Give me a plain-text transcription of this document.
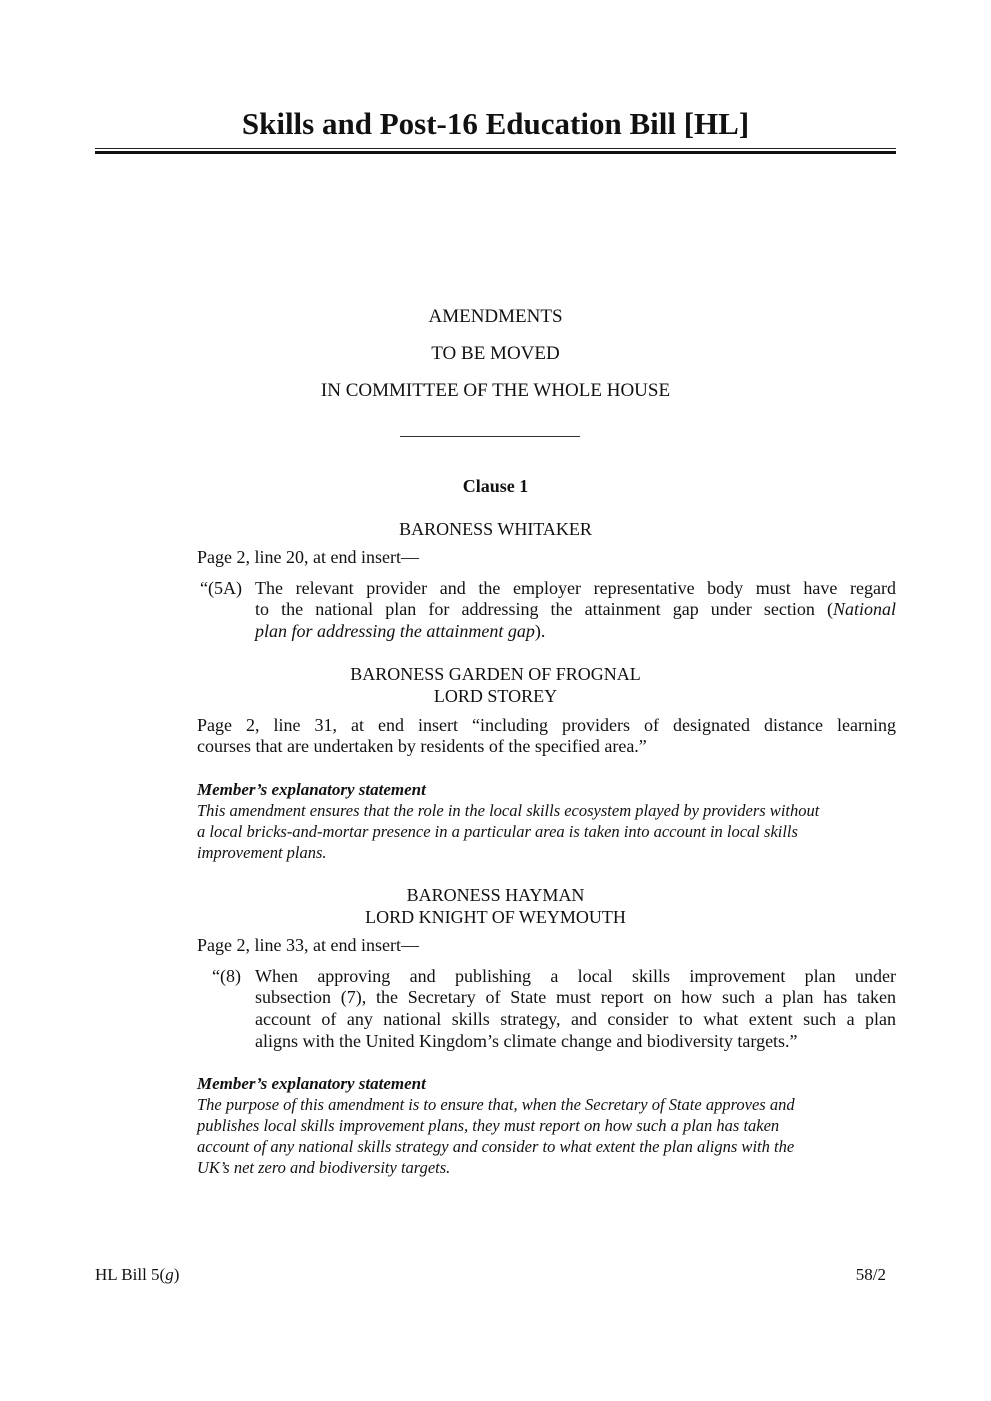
Skills and Post-16 Education Bill [HL]
AMENDMENTS
TO BE MOVED
IN COMMITTEE OF THE WHOLE HOUSE
Clause 1
BARONESS WHITAKER
Page 2, line 20, at end insert—
“(5A) The relevant provider and the employer representative body must have regard
to the national plan for addressing the attainment gap under section (National
plan for addressing the attainment gap).
BARONESS GARDEN OF FROGNAL
LORD STOREY
Page 2, line 31, at end insert “including providers of designated distance learning
courses that are undertaken by residents of the specified area.”
Member’s explanatory statement
This amendment ensures that the role in the local skills ecosystem played by providers without
a local bricks-and-mortar presence in a particular area is taken into account in local skills
improvement plans.
BARONESS HAYMAN
LORD KNIGHT OF WEYMOUTH
Page 2, line 33, at end insert—
“(8) When approving and publishing a local skills improvement plan under
subsection (7), the Secretary of State must report on how such a plan has taken
account of any national skills strategy, and consider to what extent such a plan
aligns with the United Kingdom’s climate change and biodiversity targets.”
Member’s explanatory statement
The purpose of this amendment is to ensure that, when the Secretary of State approves and
publishes local skills improvement plans, they must report on how such a plan has taken
account of any national skills strategy and consider to what extent the plan aligns with the
UK’s net zero and biodiversity targets.
HL Bill 5(g)	58/2
